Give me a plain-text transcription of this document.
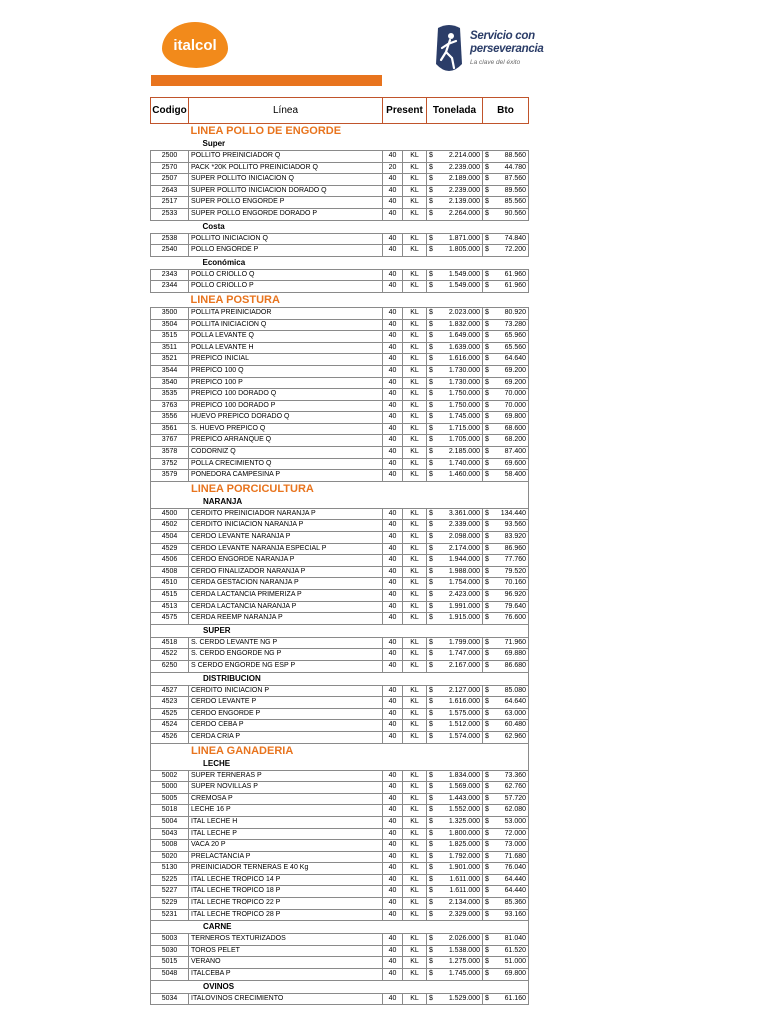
italcol
Servicio con
perseverancia
La clave del éxito
Codigo	Línea	Present	Tonelada	Bto
LINEA POLLO DE ENGORDE					
Super					
2500	POLLITO PREINICIADOR Q	40	KL	$ 2.214.000	$ 88.560
2570	PACK *20K POLLITO PREINICIADOR Q	20	KL	$ 2.239.000	$ 44.780
2507	SUPER POLLITO INICIACION Q	40	KL	$ 2.189.000	$ 87.560
2643	SUPER POLLITO INICIACION DORADO Q	40	KL	$ 2.239.000	$ 89.560
2517	SUPER POLLO ENGORDE P	40	KL	$ 2.139.000	$ 85.560
2533	SUPER POLLO ENGORDE DORADO P	40	KL	$ 2.264.000	$ 90.560
Costa					
2538	POLLITO INICIACION Q	40	KL	$ 1.871.000	$ 74.840
2540	POLLO ENGORDE P	40	KL	$ 1.805.000	$ 72.200
Económica					
2343	POLLO CRIOLLO Q	40	KL	$ 1.549.000	$ 61.960
2344	POLLO CRIOLLO P	40	KL	$ 1.549.000	$ 61.960
LINEA POSTURA					
3500	POLLITA PREINICIADOR	40	KL	$ 2.023.000	$ 80.920
3504	POLLITA INICIACION Q	40	KL	$ 1.832.000	$ 73.280
3515	POLLA LEVANTE Q	40	KL	$ 1.649.000	$ 65.960
3511	POLLA LEVANTE H	40	KL	$ 1.639.000	$ 65.560
3521	PREPICO INICIAL	40	KL	$ 1.616.000	$ 64.640
3544	PREPICO 100 Q	40	KL	$ 1.730.000	$ 69.200
3540	PREPICO 100 P	40	KL	$ 1.730.000	$ 69.200
3535	PREPICO 100 DORADO Q	40	KL	$ 1.750.000	$ 70.000
3763	PREPICO 100 DORADO P	40	KL	$ 1.750.000	$ 70.000
3556	HUEVO PREPICO DORADO Q	40	KL	$ 1.745.000	$ 69.800
3561	S. HUEVO PREPICO Q	40	KL	$ 1.715.000	$ 68.600
3767	PREPICO ARRANQUE Q	40	KL	$ 1.705.000	$ 68.200
3578	CODORNIZ Q	40	KL	$ 2.185.000	$ 87.400
3752	POLLA CRECIMIENTO Q	40	KL	$ 1.740.000	$ 69.600
3579	PONEDORA CAMPESINA P	40	KL	$ 1.460.000	$ 58.400
LINEA PORCICULTURA					
NARANJA					
4500	CERDITO PREINICIADOR NARANJA P	40	KL	$ 3.361.000	$ 134.440
4502	CERDITO INICIACION NARANJA P	40	KL	$ 2.339.000	$ 93.560
4504	CERDO LEVANTE NARANJA P	40	KL	$ 2.098.000	$ 83.920
4529	CERDO LEVANTE NARANJA ESPECIAL P	40	KL	$ 2.174.000	$ 86.960
4506	CERDO ENGORDE NARANJA P	40	KL	$ 1.944.000	$ 77.760
4508	CERDO FINALIZADOR NARANJA P	40	KL	$ 1.988.000	$ 79.520
4510	CERDA GESTACION NARANJA P	40	KL	$ 1.754.000	$ 70.160
4515	CERDA LACTANCIA PRIMERIZA P	40	KL	$ 2.423.000	$ 96.920
4513	CERDA LACTANCIA NARANJA P	40	KL	$ 1.991.000	$ 79.640
4575	CERDA REEMP NARANJA P	40	KL	$ 1.915.000	$ 76.600
SUPER					
4518	S. CERDO LEVANTE NG P	40	KL	$ 1.799.000	$ 71.960
4522	S. CERDO ENGORDE NG P	40	KL	$ 1.747.000	$ 69.880
6250	S CERDO ENGORDE NG ESP P	40	KL	$ 2.167.000	$ 86.680
DISTRIBUCION					
4527	CERDITO INICIACION P	40	KL	$ 2.127.000	$ 85.080
4523	CERDO LEVANTE P	40	KL	$ 1.616.000	$ 64.640
4525	CERDO ENGORDE P	40	KL	$ 1.575.000	$ 63.000
4524	CERDO CEBA P	40	KL	$ 1.512.000	$ 60.480
4526	CERDA CRIA P	40	KL	$ 1.574.000	$ 62.960
LINEA GANADERIA					
LECHE					
5002	SUPER TERNERAS P	40	KL	$ 1.834.000	$ 73.360
5000	SUPER NOVILLAS P	40	KL	$ 1.569.000	$ 62.760
5005	CREMOSA P	40	KL	$ 1.443.000	$ 57.720
5018	LECHE 16 P	40	KL	$ 1.552.000	$ 62.080
5004	ITAL LECHE H	40	KL	$ 1.325.000	$ 53.000
5043	ITAL LECHE P	40	KL	$ 1.800.000	$ 72.000
5008	VACA 20 P	40	KL	$ 1.825.000	$ 73.000
5020	PRELACTANCIA P	40	KL	$ 1.792.000	$ 71.680
5130	PREINICIADOR TERNERAS E 40 Kg	40	KL	$ 1.901.000	$ 76.040
5225	ITAL LECHE TROPICO 14 P	40	KL	$ 1.611.000	$ 64.440
5227	ITAL LECHE TROPICO 18 P	40	KL	$ 1.611.000	$ 64.440
5229	ITAL LECHE TROPICO 22 P	40	KL	$ 2.134.000	$ 85.360
5231	ITAL LECHE TROPICO 28 P	40	KL	$ 2.329.000	$ 93.160
CARNE					
5003	TERNEROS TEXTURIZADOS	40	KL	$ 2.026.000	$ 81.040
5030	TOROS PELET	40	KL	$ 1.538.000	$ 61.520
5015	VERANO	40	KL	$ 1.275.000	$ 51.000
5048	ITALCEBA P	40	KL	$ 1.745.000	$ 69.800
OVINOS					
5034	ITALOVINOS CRECIMIENTO	40	KL	$ 1.529.000	$ 61.160
